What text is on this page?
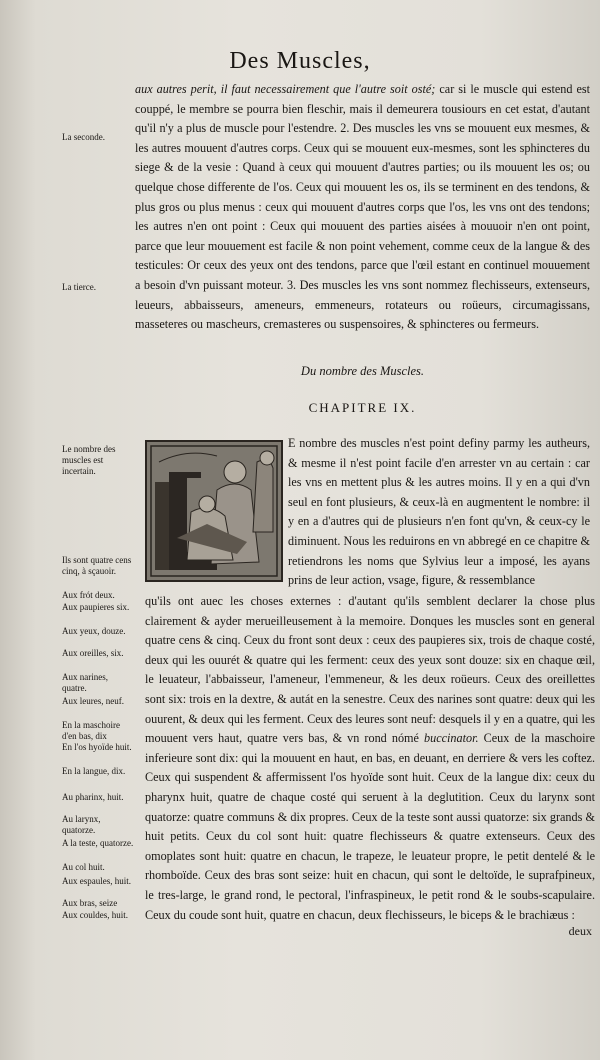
Des Muscles,
La seconde.
La tierce.
aux autres perit, il faut necessairement que l'autre soit osté; car si le muscle qui estend est couppé, le membre se pourra bien fleschir, mais il demeurera tousiours en cet estat, d'autant qu'il n'y a plus de muscle pour l'estendre. 2. Des muscles les vns se mouuent eux mesmes, & les autres mouuent d'autres corps. Ceux qui se mouuent eux-mesmes, sont les sphincteres du siege & de la vesie : Quand à ceux qui mouuent d'autres parties; ou ils mouuent les os; ou quelque chose differente de l'os. Ceux qui mouuent les os, ils se terminent en des tendons, & plus gros ou plus menus : ceux qui mouuent d'autres corps que l'os, les vns ont des tendons; les autres n'en ont point : Ceux qui mouuent des parties aisées à mouuoir n'en ont point, parce que leur mouuement est facile & non point vehement, comme ceux de la langue & des testicules: Or ceux des yeux ont des tendons, parce que l'œil estant en continuel mouuement a besoin d'vn puissant moteur. 3. Des muscles les vns sont nommez flechisseurs, extenseurs, leueurs, abbaisseurs, ameneurs, emmeneurs, rotateurs ou roüeurs, circumagissans, masseteres ou mascheurs, cremasteres ou suspensoires, & sphincteres ou fermeurs.
Du nombre des Muscles.
CHAPITRE IX.
E nombre des muscles n'est point definy parmy les autheurs, & mesme il n'est point facile d'en arrester vn au certain : car les vns en mettent plus & les autres moins. Il y en a qui d'vn seul en font plusieurs, & ceux-là en augmentent le nombre: il y en a d'autres qui de plusieurs n'en font qu'vn, & ceux-cy le diminuent. Nous les reduirons en vn abbregé en ce chapitre & retiendrons les noms que Sylvius leur a imposé, les ayans prins de leur action, vsage, figure, & ressemblance
qu'ils ont auec les choses externes : d'autant qu'ils semblent declarer la chose plus clairement & ayder merueilleusement à la memoire. Donques les muscles sont en general quatre cens & cinq. Ceux du front sont deux : ceux des paupieres six, trois de chaque costé, deux qui les ouurét & quatre qui les ferment: ceux des yeux sont douze: six en chaque œil, le leuateur, l'abbaisseur, l'ameneur, l'emmeneur, & les deux roüeurs. Ceux des oreillettes sont six: trois en la dextre, & autát en la senestre. Ceux des narines sont quatre: deux qui les ouurent, & deux qui les ferment. Ceux des leures sont neuf: desquels il y en a quatre, qui les mouuent vers haut, quatre vers bas, & vn rond nómé buccinator. Ceux de la maschoire inferieure sont dix: qui la mouuent en haut, en bas, en deuant, en derriere & vers les coftez. Ceux qui suspendent & affermissent l'os hyoïde sont huit. Ceux de la langue dix: ceux du pharynx huit, quatre de chaque costé qui seruent à la deglutition. Ceux du larynx sont quatorze: quatre communs & dix propres. Ceux de la teste sont aussi quatorze: six grands & huit petits. Ceux du col sont huit: quatre flechisseurs & quatre extenseurs. Ceux des omoplates sont huit: quatre en chacun, le trapeze, le leuateur propre, le petit dentelé & le rhomboïde. Ceux des bras sont seize: huit en chacun, qui sont le deltoïde, le suprafpineux, le tres-large, le grand rond, le pectoral, l'infraspineux, le petit rond & le soubs-scapulaire. Ceux du coude sont huit, quatre en chacun, deux flechisseurs, le biceps & le brachiæus :
Le nombre des muscles est incertain.
Ils sont quatre cens cinq, à sçauoir.
Aux frót deux.
Aux paupieres six.
Aux yeux, douze.
Aux oreilles, six.
Aux narines, quatre.
Aux leures, neuf.
En la maschoire d'en bas, dix
En l'os hyoïde huit.
En la langue, dix.
Au pharinx, huit.
Au larynx, quatorze.
A la teste, quatorze.
Au col huit.
Aux espaules, huit.
Aux bras, seize
Aux couldes, huit.
deux
